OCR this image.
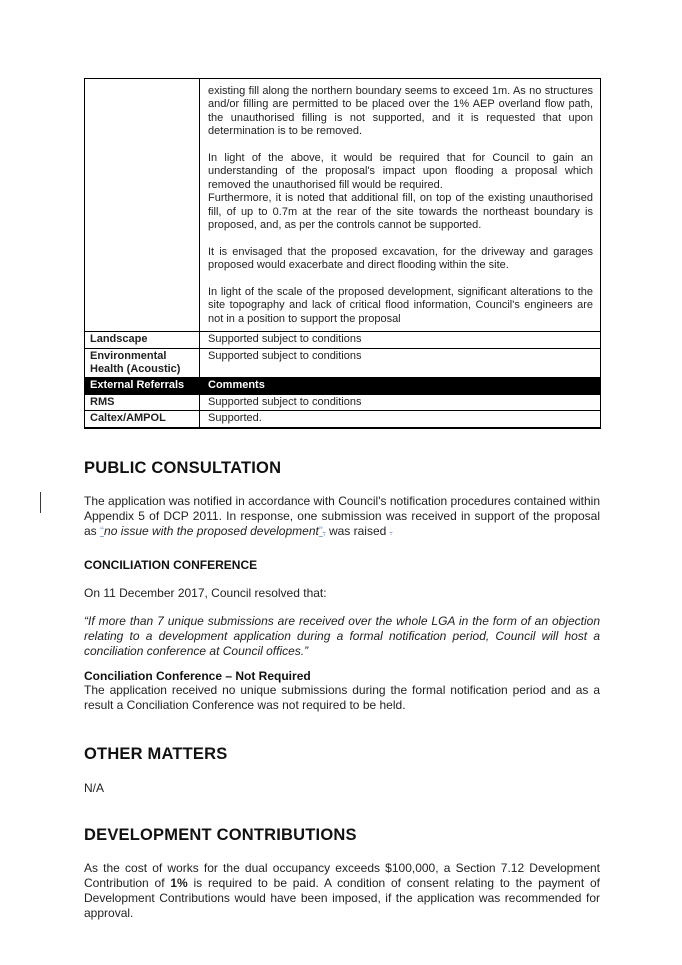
	existing fill along the northern boundary seems to exceed 1m. As no structures and/or filling are permitted to be placed over the 1% AEP overland flow path, the unauthorised filling is not supported, and it is requested that upon determination is to be removed.
In light of the above, it would be required that for Council to gain an understanding of the proposal's impact upon flooding a proposal which removed the unauthorised fill would be required.
Furthermore, it is noted that additional fill, on top of the existing unauthorised fill, of up to 0.7m at the rear of the site towards the northeast boundary is proposed, and, as per the controls cannot be supported.
It is envisaged that the proposed excavation, for the driveway and garages proposed would exacerbate and direct flooding within the site.
In light of the scale of the proposed development, significant alterations to the site topography and lack of critical flood information, Council's engineers are not in a position to support the proposal

Landscape	Supported subject to conditions
Environmental Health (Acoustic)	Supported subject to conditions
External Referrals	Comments
RMS	Supported subject to conditions
Caltex/AMPOL	Supported.
PUBLIC CONSULTATION

The application was notified in accordance with Council's notification procedures contained within Appendix 5 of DCP 2011. In response, one submission was received in support of the proposal as “no issue with the proposed development”, was raised .

CONCILIATION CONFERENCE

On 11 December 2017, Council resolved that:

“If more than 7 unique submissions are received over the whole LGA in the form of an objection relating to a development application during a formal notification period, Council will host a conciliation conference at Council offices.”

Conciliation Conference – Not Required

The application received no unique submissions during the formal notification period and as a result a Conciliation Conference was not required to be held.

OTHER MATTERS

N/A

DEVELOPMENT CONTRIBUTIONS

As the cost of works for the dual occupancy exceeds $100,000, a Section 7.12 Development Contribution of 1% is required to be paid. A condition of consent relating to the payment of Development Contributions would have been imposed, if the application was recommended for approval.
